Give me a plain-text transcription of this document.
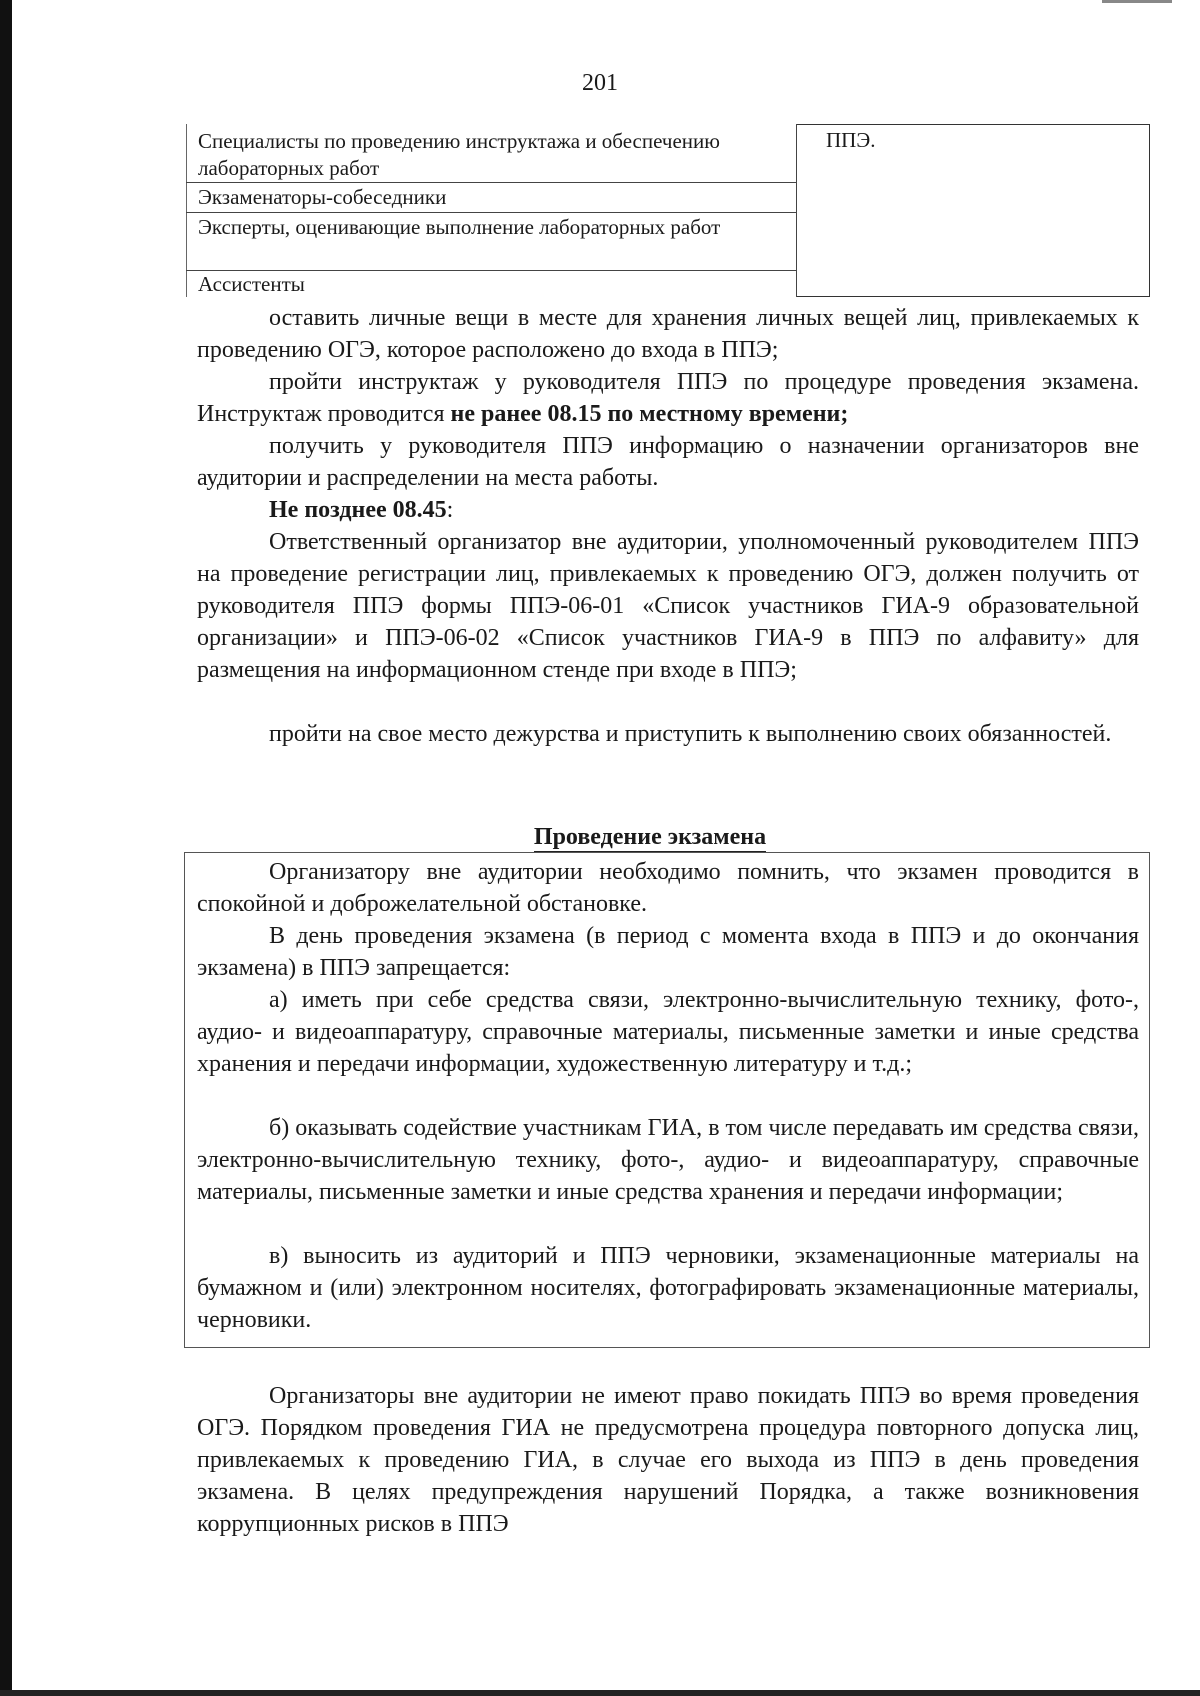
201
ППЭ.
Специалисты по проведению инструктажа и обеспечению лабораторных работ
Экзаменаторы-собеседники
Эксперты, оценивающие выполнение лабораторных работ
Ассистенты

оставить личные вещи в месте для хранения личных вещей лиц, привлекаемых к проведению ОГЭ, которое расположено до входа в ППЭ;

пройти инструктаж у руководителя ППЭ по процедуре проведения экзамена. Инструктаж проводится не ранее 08.15 по местному времени;

получить у руководителя ППЭ информацию о назначении организаторов вне аудитории и распределении на места работы.

Не позднее 08.45:

Ответственный организатор вне аудитории, уполномоченный руководителем ППЭ на проведение регистрации лиц, привлекаемых к проведению ОГЭ, должен получить от руководителя ППЭ формы ППЭ-06-01 «Список участников ГИА-9 образовательной организации» и ППЭ-06-02 «Список участников ГИА-9 в ППЭ по алфавиту» для размещения на информационном стенде при входе в ППЭ;

пройти на свое место дежурства и приступить к выполнению своих обязанностей.

Проведение экзамена

Организатору вне аудитории необходимо помнить, что экзамен проводится в спокойной и доброжелательной обстановке.

В день проведения экзамена (в период с момента входа в ППЭ и до окончания экзамена) в ППЭ запрещается:

а) иметь при себе средства связи, электронно-вычислительную технику, фото-, аудио- и видеоаппаратуру, справочные материалы, письменные заметки и иные средства хранения и передачи информации, художественную литературу и т.д.;

б) оказывать содействие участникам ГИА, в том числе передавать им средства связи, электронно-вычислительную технику, фото-, аудио- и видеоаппаратуру, справочные материалы, письменные заметки и иные средства хранения и передачи информации;

в) выносить из аудиторий и ППЭ черновики, экзаменационные материалы на бумажном и (или) электронном носителях, фотографировать экзаменационные материалы, черновики.

Организаторы вне аудитории не имеют право покидать ППЭ во время проведения ОГЭ. Порядком проведения ГИА не предусмотрена процедура повторного допуска лиц, привлекаемых к проведению ГИА, в случае его выхода из ППЭ в день проведения экзамена. В целях предупреждения нарушений Порядка, а также возникновения коррупционных рисков в ППЭ
